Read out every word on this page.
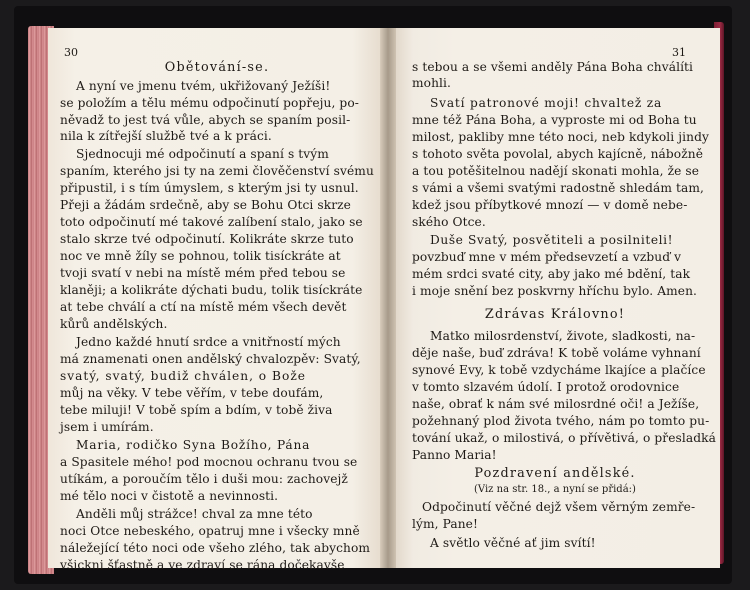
30
Obětování-se.
A nyní ve jmenu tvém, ukřižovaný Ježíši!
se položím a tělu mému odpočinutí popřeju, po-
něvadž to jest tvá vůle, abych se spaním posil-
nila k zítřejší službě tvé a k práci.
Sjednocuji mé odpočinutí a spaní s tvým
spaním, kterého jsi ty na zemi člověčenství svému
připustil, i s tím úmyslem, s kterým jsi ty usnul.
Přeji a žádám srdečně, aby se Bohu Otci skrze
toto odpočinutí mé takové zalíbení stalo, jako se
stalo skrze tvé odpočinutí. Kolikráte skrze tuto
noc ve mně žíly se pohnou, tolik tisíckráte at
tvoji svatí v nebi na místě mém před tebou se
klaněji; a kolikráte dýchati budu, tolik tisíckráte
at tebe chválí a ctí na místě mém všech devět
kůrů andělských.
Jedno každé hnutí srdce a vnitřností mých
má znamenati onen andělský chvalozpěv: Svatý,
svatý, svatý, budiž chválen, o Bože
můj na věky. V tebe věřím, v tebe doufám,
tebe miluji! V tobě spím a bdím, v tobě živa
jsem i umírám.
Maria, rodičko Syna Božího, Pána
a Spasitele mého! pod mocnou ochranu tvou se
utíkám, a poroučím tělo i duši mou: zachovejž
mé tělo noci v čistotě a nevinnosti.
Anděli můj strážce! chval za mne této
noci Otce nebeského, opatruj mne i všecky mně
náležející této noci ode všeho zlého, tak abychom
všickni šťastně a ve zdraví se rána dočekavše
31
s tebou a se všemi anděly Pána Boha chválíti
mohli.
Svatí patronové moji! chvaltež za
mne též Pána Boha, a vyproste mi od Boha tu
milost, pakliby mne této noci, neb kdykoli jindy
s tohoto světa povolal, abych kajícně, nábožně
a tou potěšitelnou nadějí skonati mohla, že se
s vámi a všemi svatými radostně shledám tam,
kdež jsou příbytkové mnozí — v domě nebe-
ského Otce.
Duše Svatý, posvětiteli a posilniteli!
povzbuď mne v mém předsevzetí a vzbuď v
mém srdci svaté city, aby jako mé bdění, tak
i moje snění bez poskvrny hříchu bylo. Amen.
Zdrávas Královno!
Matko milosrdenství, živote, sladkosti, na-
děje naše, buď zdráva! K tobě voláme vyhnaní
synové Evy, k tobě vzdycháme lkajíce a plačíce
v tomto slzavém údolí. I protož orodovnice
naše, obrať k nám své milosrdné oči! a Ježíše,
požehnaný plod života tvého, nám po tomto pu-
tování ukaž, o milostivá, o přívětivá, o přesladká
Panno Maria!
Pozdravení andělské.
(Viz na str. 18., a nyní se přidá:)
Odpočinutí věčné dejž všem věrným zemře-
lým, Pane!
A světlo věčné ať jim svítí!
